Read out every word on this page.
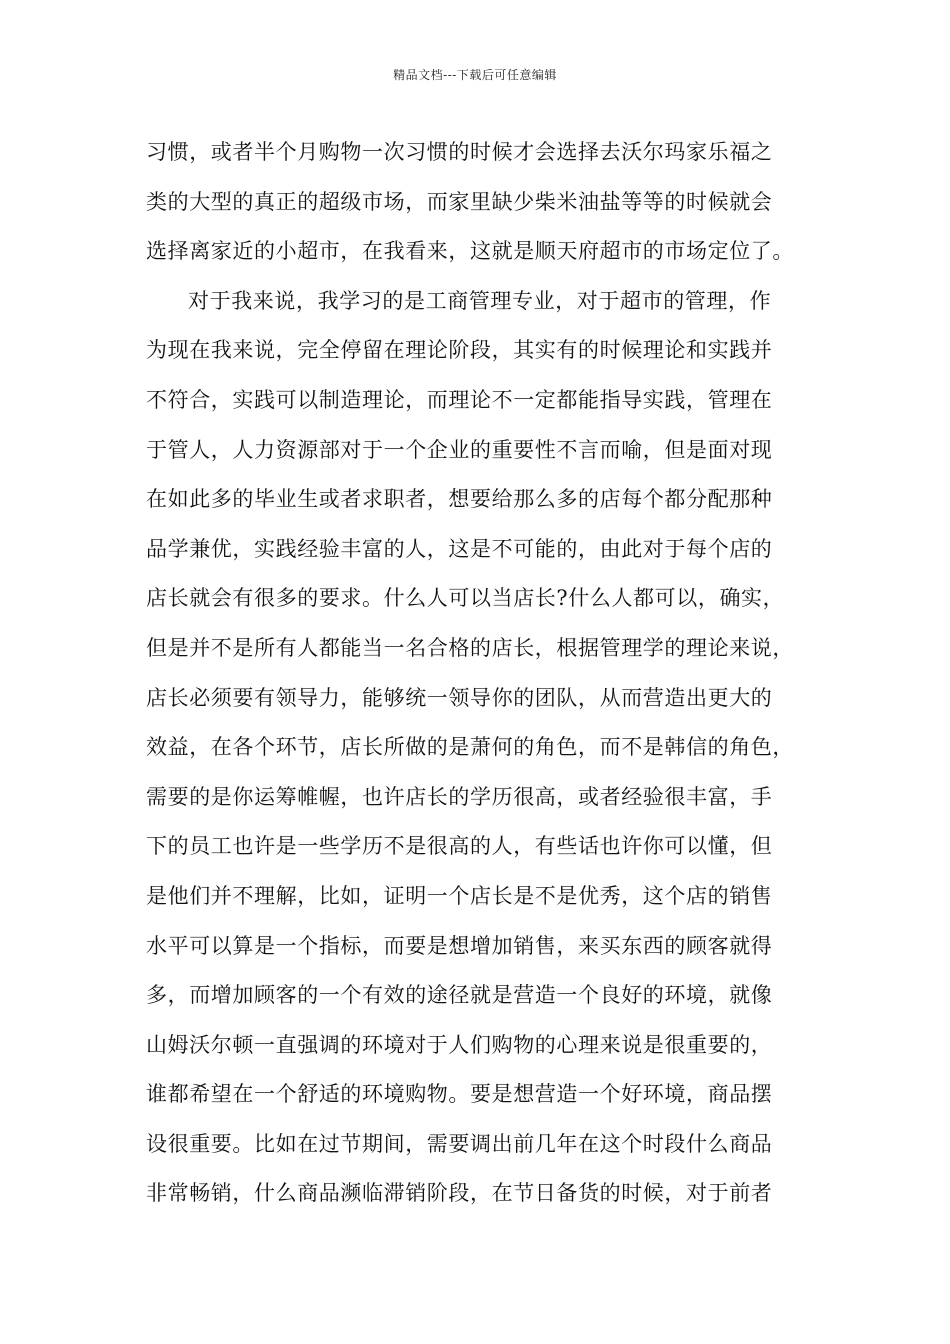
精品文档---下载后可任意编辑
习惯，或者半个月购物一次习惯的时候才会选择去沃尔玛家乐福之
类的大型的真正的超级市场，而家里缺少柴米油盐等等的时候就会
选择离家近的小超市，在我看来，这就是顺天府超市的市场定位了。
对于我来说，我学习的是工商管理专业，对于超市的管理，作
为现在我来说，完全停留在理论阶段，其实有的时候理论和实践并
不符合，实践可以制造理论，而理论不一定都能指导实践，管理在
于管人，人力资源部对于一个企业的重要性不言而喻，但是面对现
在如此多的毕业生或者求职者，想要给那么多的店每个都分配那种
品学兼优，实践经验丰富的人，这是不可能的，由此对于每个店的
店长就会有很多的要求。什么人可以当店长?什么人都可以，确实，
但是并不是所有人都能当一名合格的店长，根据管理学的理论来说，
店长必须要有领导力，能够统一领导你的团队，从而营造出更大的
效益，在各个环节，店长所做的是萧何的角色，而不是韩信的角色，
需要的是你运筹帷幄，也许店长的学历很高，或者经验很丰富，手
下的员工也许是一些学历不是很高的人，有些话也许你可以懂，但
是他们并不理解，比如，证明一个店长是不是优秀，这个店的销售
水平可以算是一个指标，而要是想增加销售，来买东西的顾客就得
多，而增加顾客的一个有效的途径就是营造一个良好的环境，就像
山姆沃尔顿一直强调的环境对于人们购物的心理来说是很重要的，
谁都希望在一个舒适的环境购物。要是想营造一个好环境，商品摆
设很重要。比如在过节期间，需要调出前几年在这个时段什么商品
非常畅销，什么商品濒临滞销阶段，在节日备货的时候，对于前者
